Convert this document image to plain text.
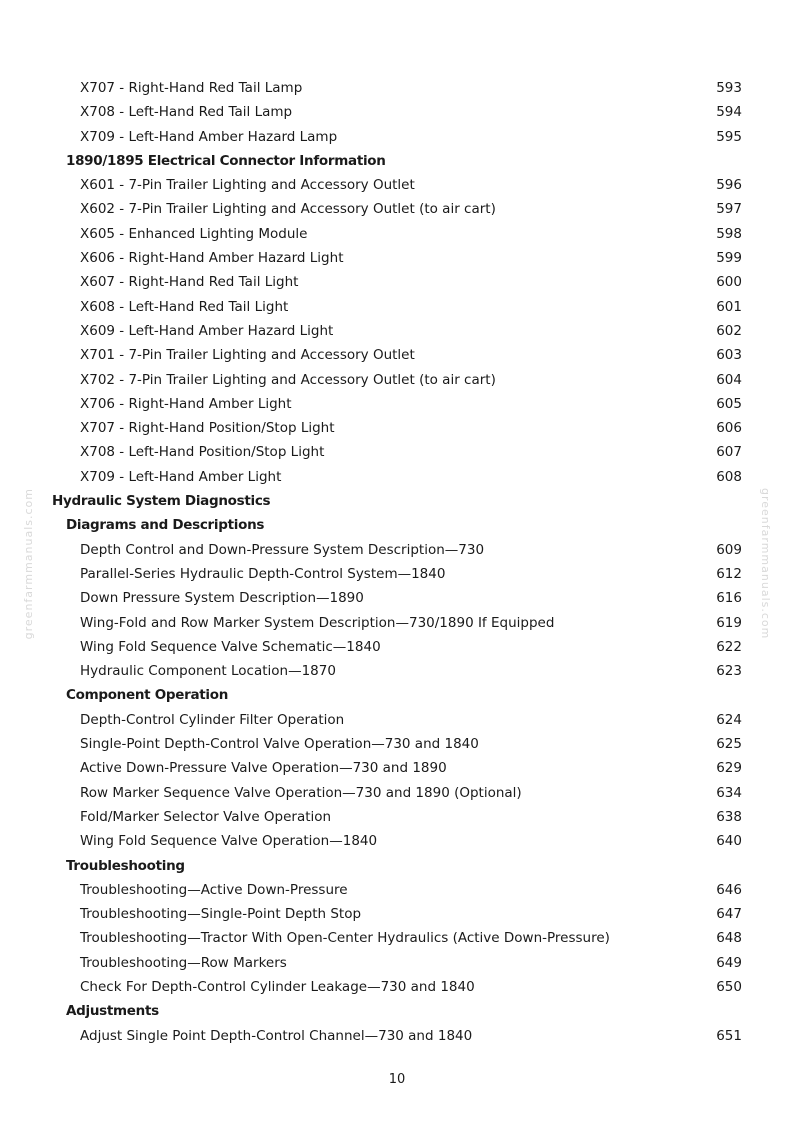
greenfarmmanuals.com	greenfarmmanuals.com
X707 - Right-Hand Red Tail Lamp	593
X708 - Left-Hand Red Tail Lamp	594
X709 - Left-Hand Amber Hazard Lamp	595
1890/1895 Electrical Connector Information
X601 - 7-Pin Trailer Lighting and Accessory Outlet	596
X602 - 7-Pin Trailer Lighting and Accessory Outlet (to air cart)	597
X605 - Enhanced Lighting Module	598
X606 - Right-Hand Amber Hazard Light	599
X607 - Right-Hand Red Tail Light	600
X608 - Left-Hand Red Tail Light	601
X609 - Left-Hand Amber Hazard Light	602
X701 - 7-Pin Trailer Lighting and Accessory Outlet	603
X702 - 7-Pin Trailer Lighting and Accessory Outlet (to air cart)	604
X706 - Right-Hand Amber Light	605
X707 - Right-Hand Position/Stop Light	606
X708 - Left-Hand Position/Stop Light	607
X709 - Left-Hand Amber Light	608
Hydraulic System Diagnostics
Diagrams and Descriptions
Depth Control and Down-Pressure System Description—730	609
Parallel-Series Hydraulic Depth-Control System—1840	612
Down Pressure System Description—1890	616
Wing-Fold and Row Marker System Description—730/1890 If Equipped	619
Wing Fold Sequence Valve Schematic—1840	622
Hydraulic Component Location—1870	623
Component Operation
Depth-Control Cylinder Filter Operation	624
Single-Point Depth-Control Valve Operation—730 and 1840	625
Active Down-Pressure Valve Operation—730 and 1890	629
Row Marker Sequence Valve Operation—730 and 1890 (Optional)	634
Fold/Marker Selector Valve Operation	638
Wing Fold Sequence Valve Operation—1840	640
Troubleshooting
Troubleshooting—Active Down-Pressure	646
Troubleshooting—Single-Point Depth Stop	647
Troubleshooting—Tractor With Open-Center Hydraulics (Active Down-Pressure)	648
Troubleshooting—Row Markers	649
Check For Depth-Control Cylinder Leakage—730 and 1840	650
Adjustments
Adjust Single Point Depth-Control Channel—730 and 1840	651
10
